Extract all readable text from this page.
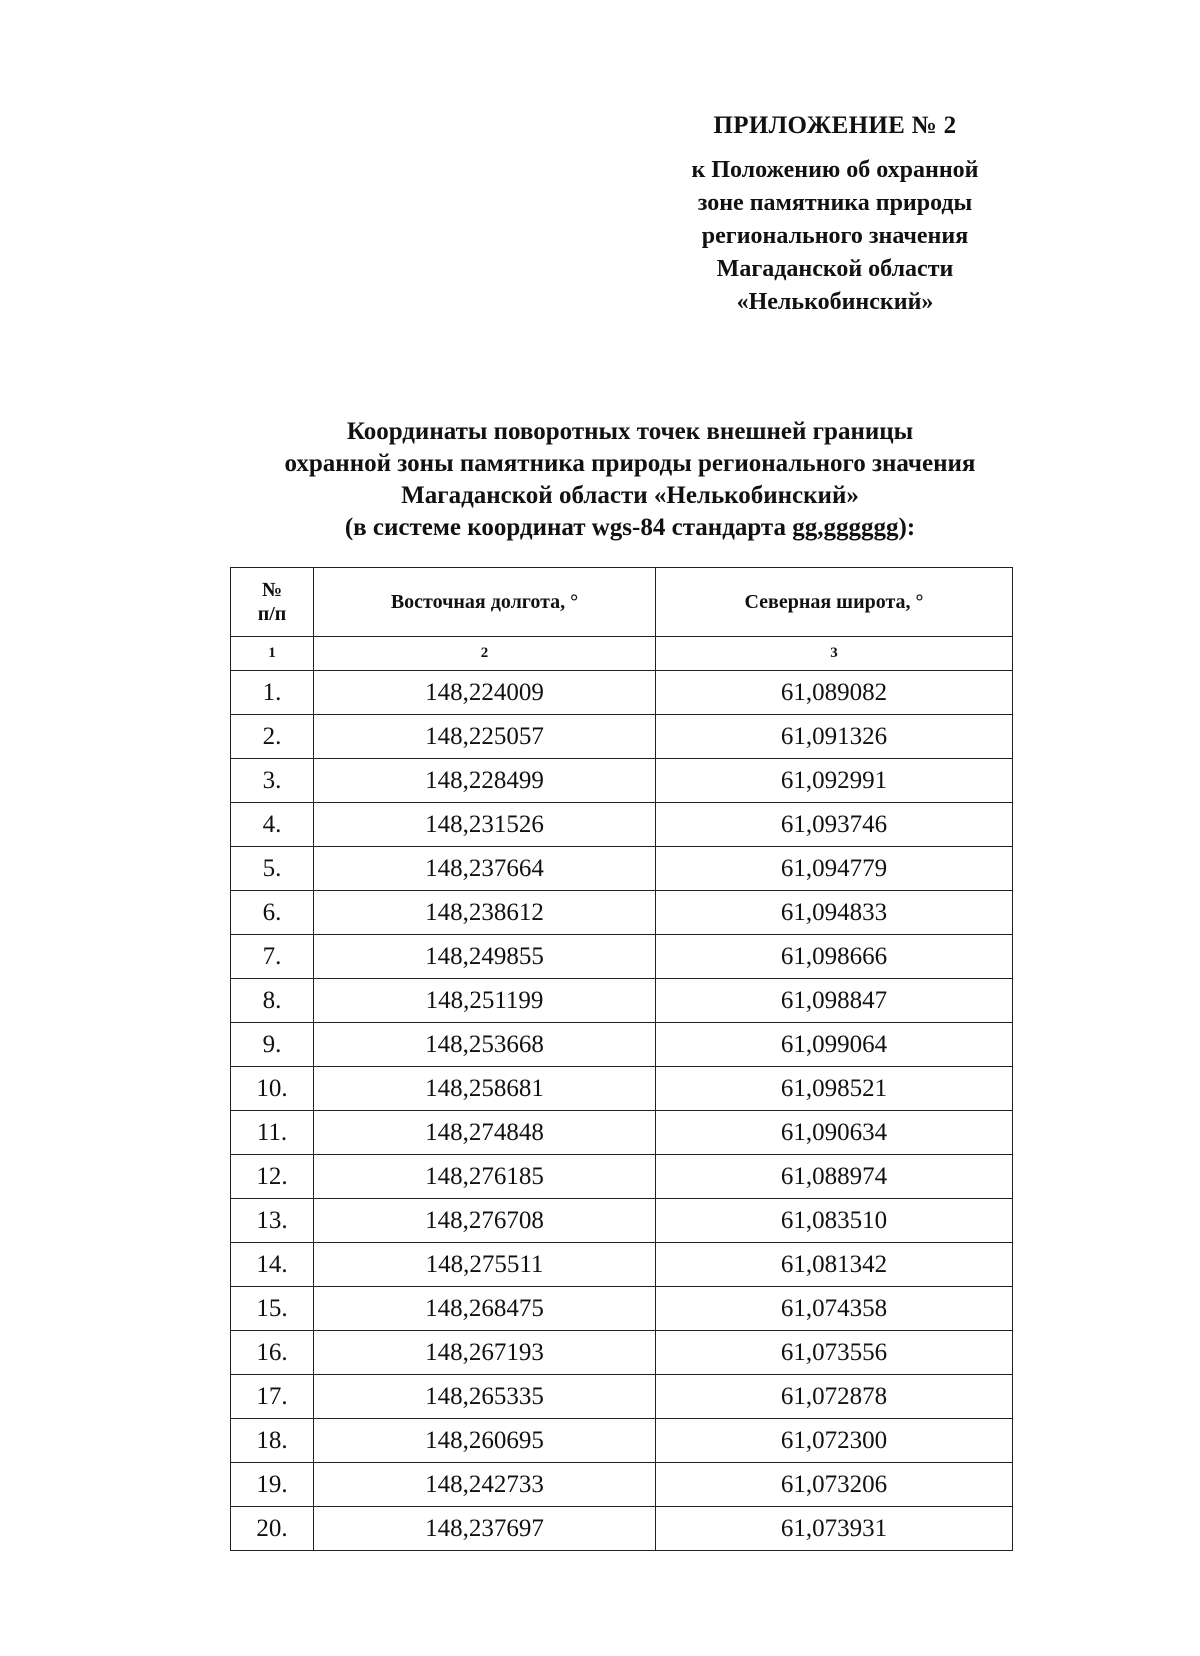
ПРИЛОЖЕНИЕ № 2
к Положению об охранной
зоне памятника природы
регионального значения
Магаданской области
«Нелькобинский»
Координаты поворотных точек внешней границы
охранной зоны памятника природы регионального значения
Магаданской области «Нелькобинский»
(в системе координат wgs-84 стандарта gg,gggggg):
№
п/п	Восточная долгота, °	Северная широта, °
1	2	3
1.	148,224009	61,089082
2.	148,225057	61,091326
3.	148,228499	61,092991
4.	148,231526	61,093746
5.	148,237664	61,094779
6.	148,238612	61,094833
7.	148,249855	61,098666
8.	148,251199	61,098847
9.	148,253668	61,099064
10.	148,258681	61,098521
11.	148,274848	61,090634
12.	148,276185	61,088974
13.	148,276708	61,083510
14.	148,275511	61,081342
15.	148,268475	61,074358
16.	148,267193	61,073556
17.	148,265335	61,072878
18.	148,260695	61,072300
19.	148,242733	61,073206
20.	148,237697	61,073931
